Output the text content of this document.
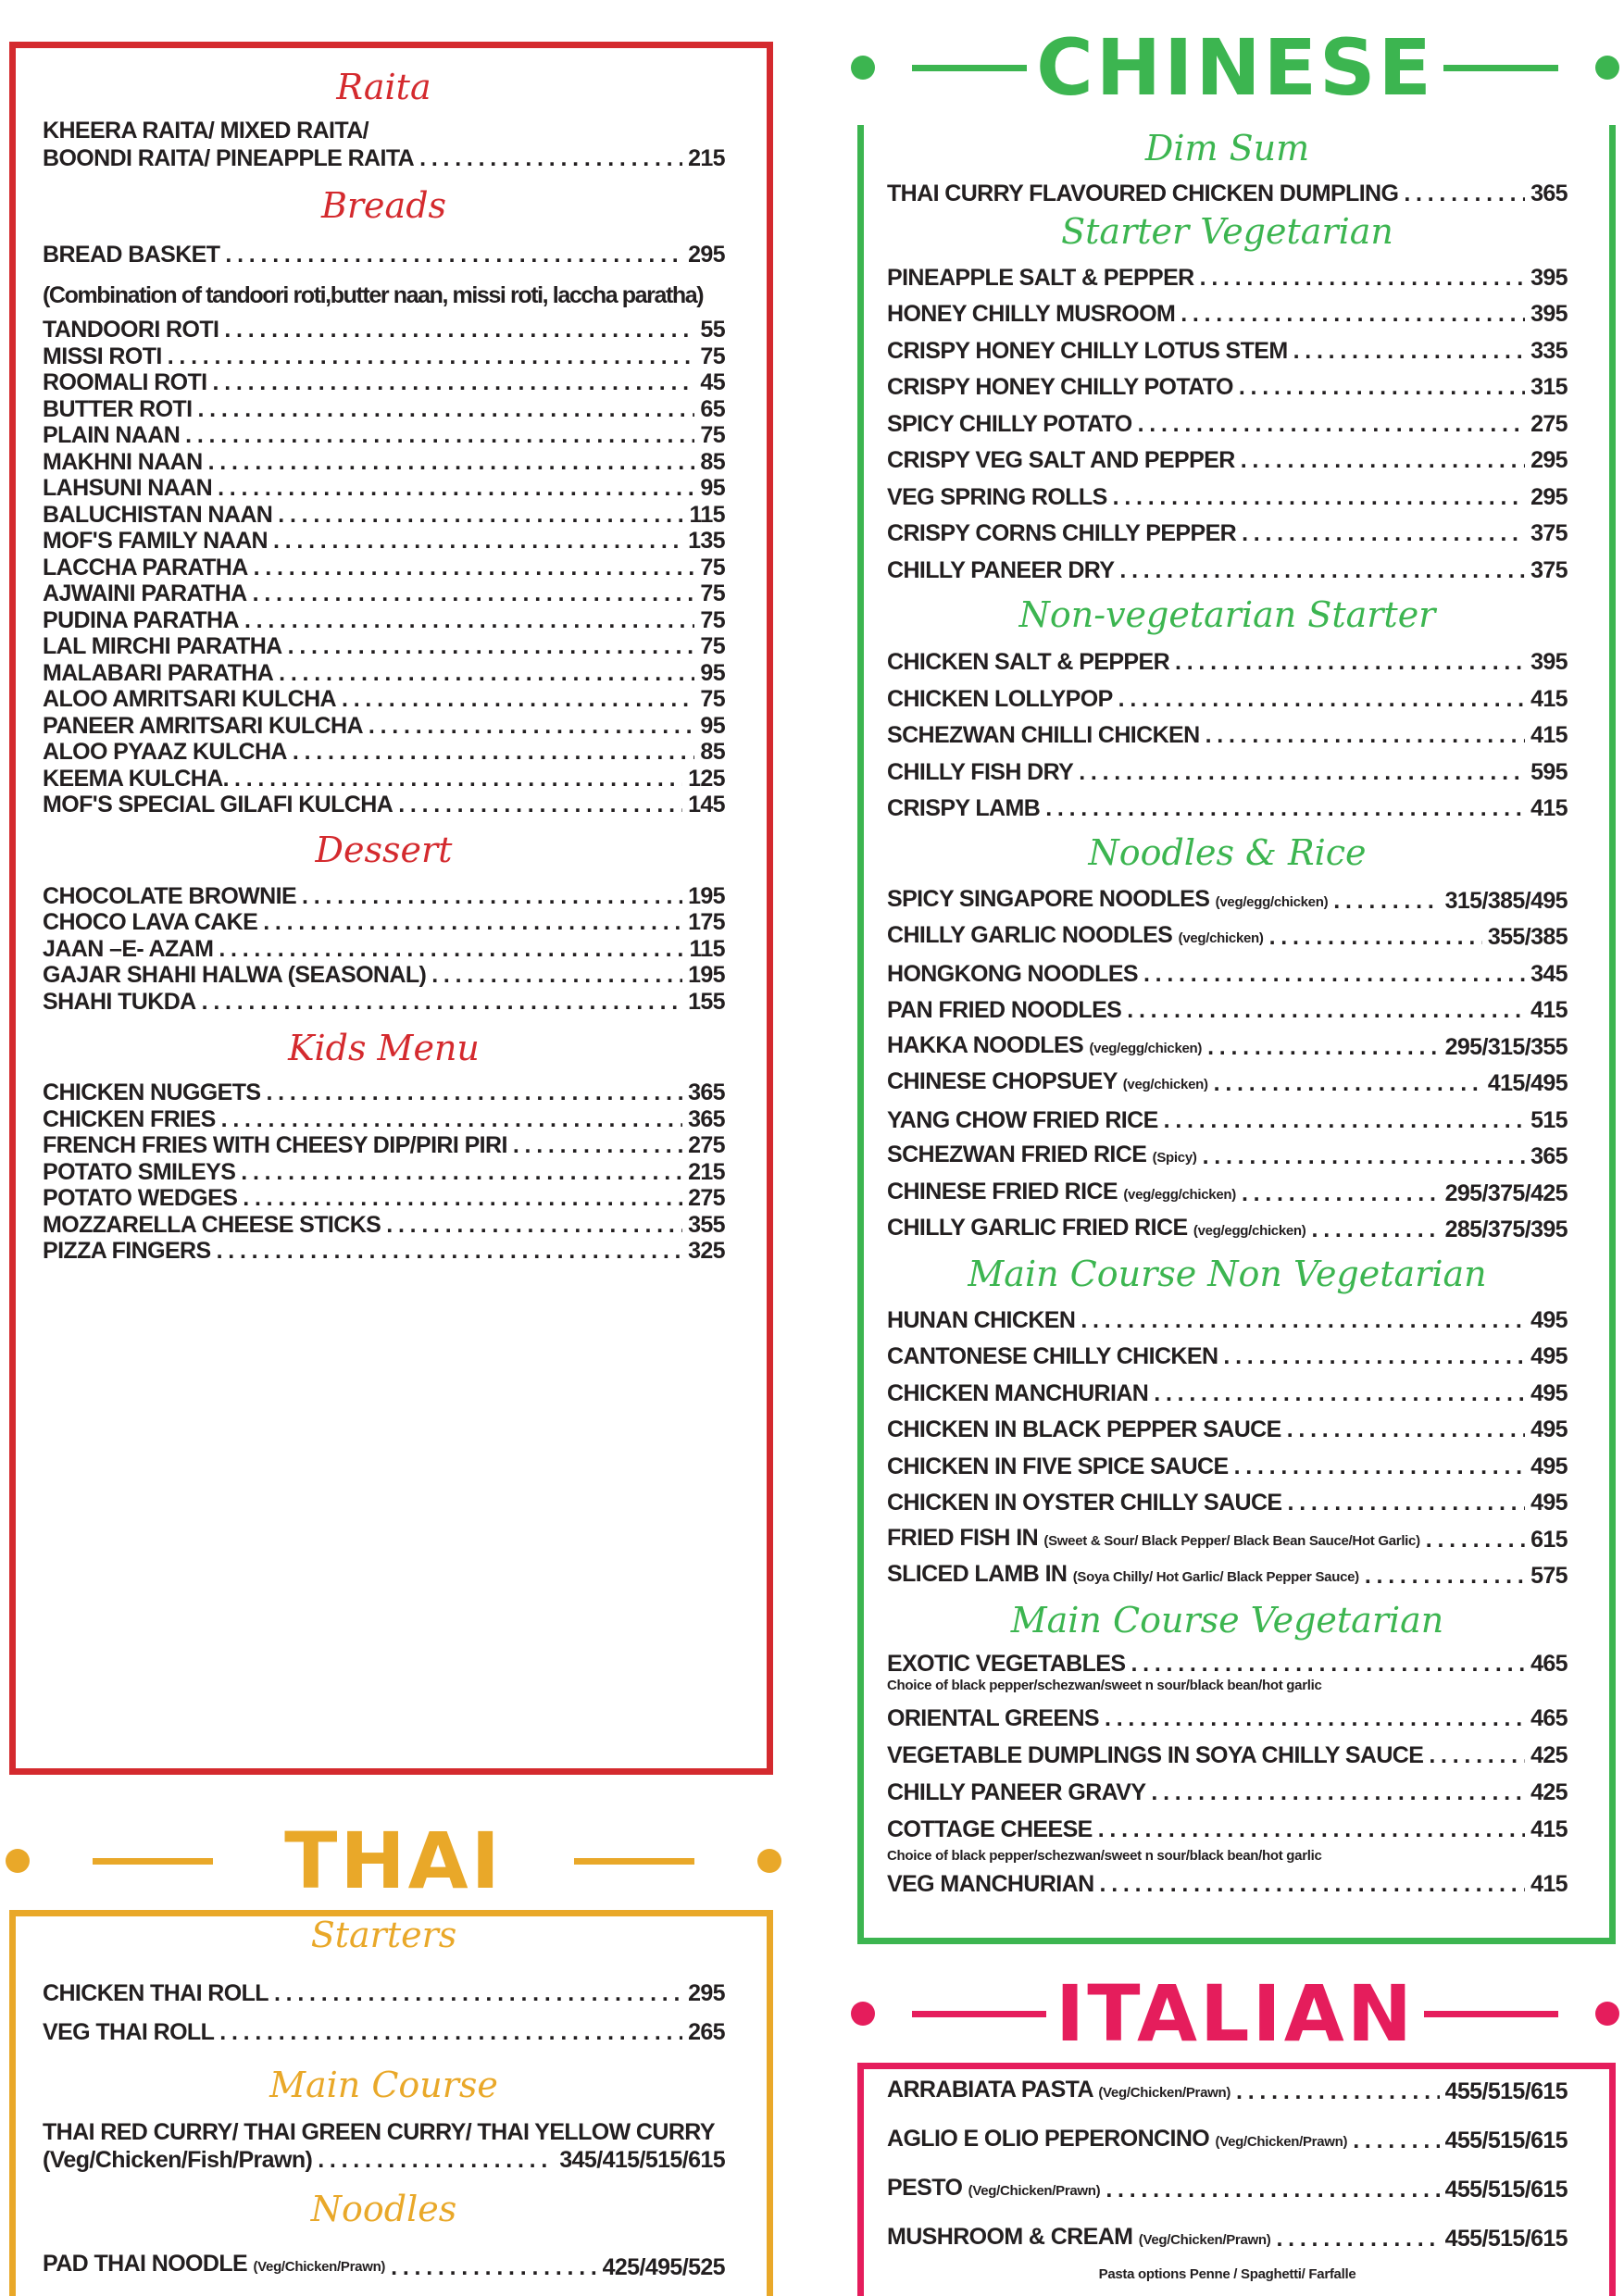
Raita
KHEERA RAITA/ MIXED RAITA/
BOONDI RAITA/ PINEAPPLE RAITA . . .	215
Breads
BREAD BASKET . . .	295
(Combination of tandoori roti,butter naan, missi roti, laccha paratha)
TANDOORI ROTI . . .	55
MISSI ROTI . . .	75
ROOMALI ROTI . . .	45
BUTTER ROTI . . .	65
PLAIN NAAN . . .	75
MAKHNI NAAN . . .	85
LAHSUNI NAAN . . .	95
BALUCHISTAN NAAN . . .	115
MOF'S FAMILY NAAN . . .	135
LACCHA PARATHA . . .	75
AJWAINI PARATHA . . .	75
PUDINA PARATHA . . .	75
LAL MIRCHI PARATHA . . .	75
MALABARI PARATHA . . .	95
ALOO AMRITSARI KULCHA . . .	75
PANEER AMRITSARI KULCHA . . .	95
ALOO PYAAZ KULCHA . . .	85
KEEMA KULCHA. . . .	125
MOF'S SPECIAL GILAFI KULCHA . . .	145
Dessert
CHOCOLATE BROWNIE . . .	195
CHOCO LAVA CAKE . . .	175
JAAN –E- AZAM . . .	115
GAJAR SHAHI HALWA (SEASONAL) . . .	195
SHAHI TUKDA . . .	155
Kids Menu
CHICKEN NUGGETS . . .	365
CHICKEN FRIES . . .	365
FRENCH FRIES WITH CHEESY DIP/PIRI PIRI . . .	275
POTATO SMILEYS . . .	215
POTATO WEDGES . . .	275
MOZZARELLA CHEESE STICKS . . .	355
PIZZA FINGERS . . .	325
THAI
Starters
CHICKEN THAI ROLL . . .	295
VEG THAI ROLL . . .	265
Main Course
THAI RED CURRY/ THAI GREEN CURRY/ THAI YELLOW CURRY
(Veg/Chicken/Fish/Prawn) . . .	345/415/515/615
Noodles
PAD THAI NOODLE (Veg/Chicken/Prawn) . . .	425/495/525
CHINESE
Dim Sum
THAI CURRY FLAVOURED CHICKEN DUMPLING . . .	365
Starter Vegetarian
PINEAPPLE SALT & PEPPER . . .	395
HONEY CHILLY MUSROOM . . .	395
CRISPY HONEY CHILLY LOTUS STEM . . .	335
CRISPY HONEY CHILLY POTATO . . .	315
SPICY CHILLY POTATO . . .	275
CRISPY VEG SALT AND PEPPER . . .	295
VEG SPRING ROLLS . . .	295
CRISPY CORNS CHILLY PEPPER . . .	375
CHILLY PANEER DRY . . .	375
Non-vegetarian Starter
CHICKEN SALT & PEPPER . . .	395
CHICKEN LOLLYPOP . . .	415
SCHEZWAN CHILLI CHICKEN . . .	415
CHILLY FISH DRY . . .	595
CRISPY LAMB . . .	415
Noodles & Rice
SPICY SINGAPORE NOODLES (veg/egg/chicken) . . .	315/385/495
CHILLY GARLIC NOODLES (veg/chicken) . . .	355/385
HONGKONG NOODLES . . .	345
PAN FRIED NOODLES . . .	415
HAKKA NOODLES (veg/egg/chicken) . . .	295/315/355
CHINESE CHOPSUEY (veg/chicken) . . .	415/495
YANG CHOW FRIED RICE . . .	515
SCHEZWAN FRIED RICE (Spicy) . . .	365
CHINESE FRIED RICE (veg/egg/chicken) . . .	295/375/425
CHILLY GARLIC FRIED RICE (veg/egg/chicken) . . .	285/375/395
Main Course Non Vegetarian
HUNAN CHICKEN . . .	495
CANTONESE CHILLY CHICKEN . . .	495
CHICKEN MANCHURIAN . . .	495
CHICKEN IN BLACK PEPPER SAUCE . . .	495
CHICKEN IN FIVE SPICE SAUCE . . .	495
CHICKEN IN OYSTER CHILLY SAUCE . . .	495
FRIED FISH IN (Sweet & Sour/ Black Pepper/ Black Bean Sauce/Hot Garlic) . . .	615
SLICED LAMB IN (Soya Chilly/ Hot Garlic/ Black Pepper Sauce) . . .	575
Main Course Vegetarian
EXOTIC VEGETABLES . . .	465
Choice of black pepper/schezwan/sweet n sour/black bean/hot garlic
ORIENTAL GREENS . . .	465
VEGETABLE DUMPLINGS IN SOYA CHILLY SAUCE . . .	425
CHILLY PANEER GRAVY . . .	425
COTTAGE CHEESE . . .	415
Choice of black pepper/schezwan/sweet n sour/black bean/hot garlic
VEG MANCHURIAN . . .	415
ITALIAN
ARRABIATA PASTA (Veg/Chicken/Prawn) . . .	455/515/615
AGLIO E OLIO PEPERONCINO (Veg/Chicken/Prawn) . . .	455/515/615
PESTO (Veg/Chicken/Prawn) . . .	455/515/615
MUSHROOM & CREAM (Veg/Chicken/Prawn) . . .	455/515/615
Pasta options Penne / Spaghetti/ Farfalle
